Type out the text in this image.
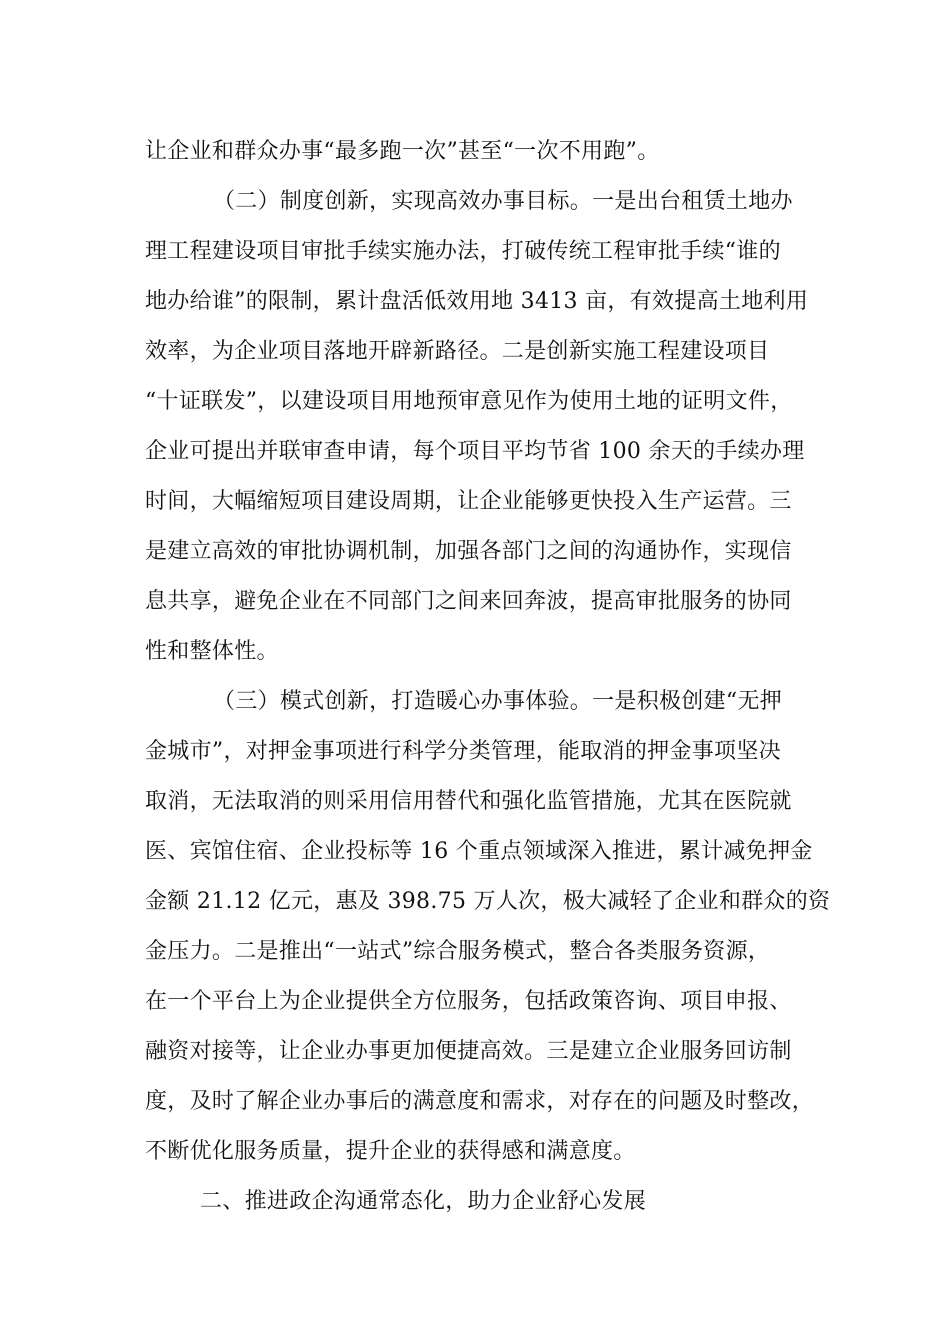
让企业和群众办事“最多跑一次”甚至“一次不用跑”。
（二）制度创新，实现高效办事目标。一是出台租赁土地办
理工程建设项目审批手续实施办法，打破传统工程审批手续“谁的
地办给谁”的限制，累计盘活低效用地 3413 亩，有效提高土地利用
效率，为企业项目落地开辟新路径。二是创新实施工程建设项目
“十证联发”，以建设项目用地预审意见作为使用土地的证明文件，
企业可提出并联审查申请，每个项目平均节省 100 余天的手续办理
时间，大幅缩短项目建设周期，让企业能够更快投入生产运营。三
是建立高效的审批协调机制，加强各部门之间的沟通协作，实现信
息共享，避免企业在不同部门之间来回奔波，提高审批服务的协同
性和整体性。
（三）模式创新，打造暖心办事体验。一是积极创建“无押
金城市”，对押金事项进行科学分类管理，能取消的押金事项坚决
取消，无法取消的则采用信用替代和强化监管措施，尤其在医院就
医、宾馆住宿、企业投标等 16 个重点领域深入推进，累计减免押金
金额 21.12 亿元，惠及 398.75 万人次，极大减轻了企业和群众的资
金压力。二是推出“一站式”综合服务模式，整合各类服务资源，
在一个平台上为企业提供全方位服务，包括政策咨询、项目申报、
融资对接等，让企业办事更加便捷高效。三是建立企业服务回访制
度，及时了解企业办事后的满意度和需求，对存在的问题及时整改，
不断优化服务质量，提升企业的获得感和满意度。
二、推进政企沟通常态化，助力企业舒心发展
